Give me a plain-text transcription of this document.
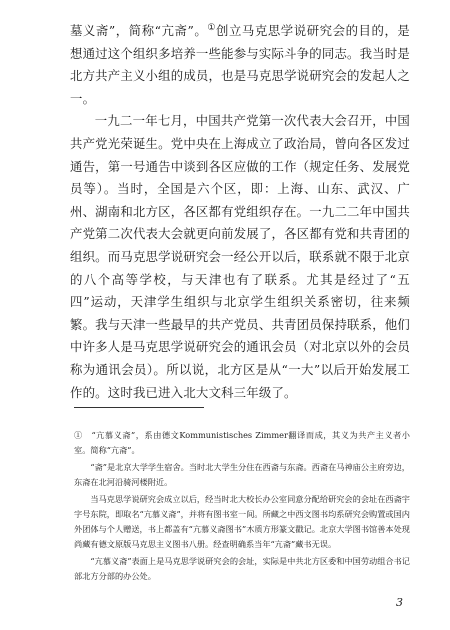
墓义斋”，简称“亢斋”。①创立马克思学说研究会的目的，是想通过这个组织多培养一些能参与实际斗争的同志。我当时是北方共产主义小组的成员，也是马克思学说研究会的发起人之一。

一九二一年七月，中国共产党第一次代表大会召开，中国共产党光荣诞生。党中央在上海成立了政治局，曾向各区发过通告，第一号通告中谈到各区应做的工作（规定任务、发展党员等）。当时，全国是六个区，即：上海、山东、武汉、广州、湖南和北方区，各区都有党组织存在。一九二二年中国共产党第二次代表大会就更向前发展了，各区都有党和共青团的组织。而马克思学说研究会一经公开以后，联系就不限于北京的八个高等学校，与天津也有了联系。尤其是经过了“五四”运动，天津学生组织与北京学生组织关系密切，往来频繁。我与天津一些最早的共产党员、共青团员保持联系，他们中许多人是马克思学说研究会的通讯会员（对北京以外的会员称为通讯会员）。所以说，北方区是从“一大”以后开始发展工作的。这时我已进入北大文科三年级了。

①　“亢慕义斋”，系由德文Kommunistisches Zimmer翻译而成，其义为共产主义者小室。简称“亢斋”。

“斋”是北京大学学生宿舍。当时北大学生分住在西斋与东斋。西斋在马神庙公主府旁边，东斋在北河沿骑河楼附近。

当马克思学说研究会成立以后，经当时北大校长办公室同意分配给研究会的会址在西斋宇字号东院，即取名“亢慕义斋”，并将有图书室一间。所藏之中西文图书均系研究会购置或国内外团体与个人赠送，书上都盖有“亢慕义斋图书”木质方形篆文戳记。北京大学图书馆善本处现尚藏有德文原版马克思主义图书八册。经查明确系当年“亢斋”藏书无误。

“亢慕义斋”表面上是马克思学说研究会的会址，实际是中共北方区委和中国劳动组合书记部北方分部的办公处。

3
